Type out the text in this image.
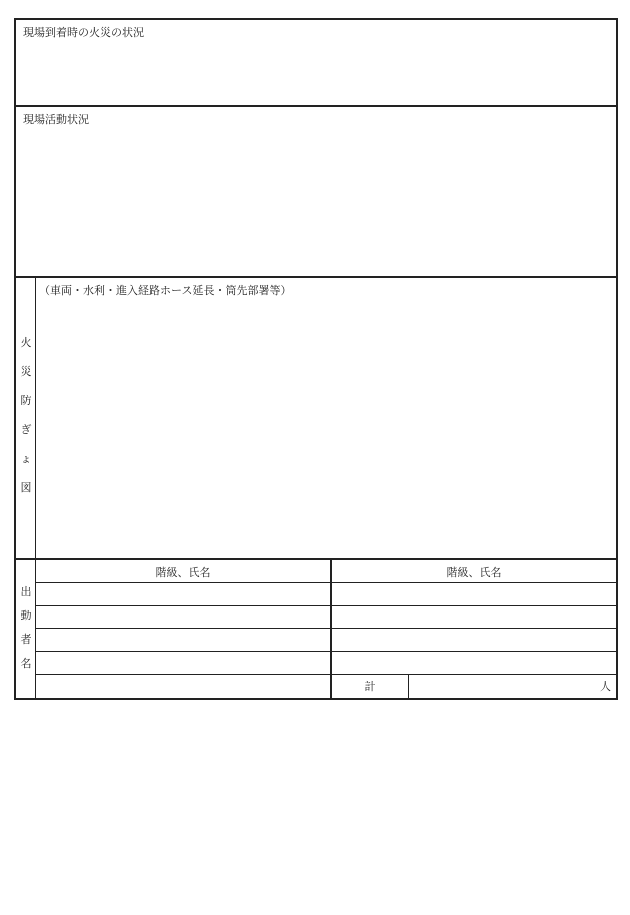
現場到着時の火災の状況
現場活動状況
火
災
防
ぎ
ょ
図
（車両・水利・進入経路ホース延長・筒先部署等）
出
動
者
名
階級、氏名	階級、氏名
計	人
